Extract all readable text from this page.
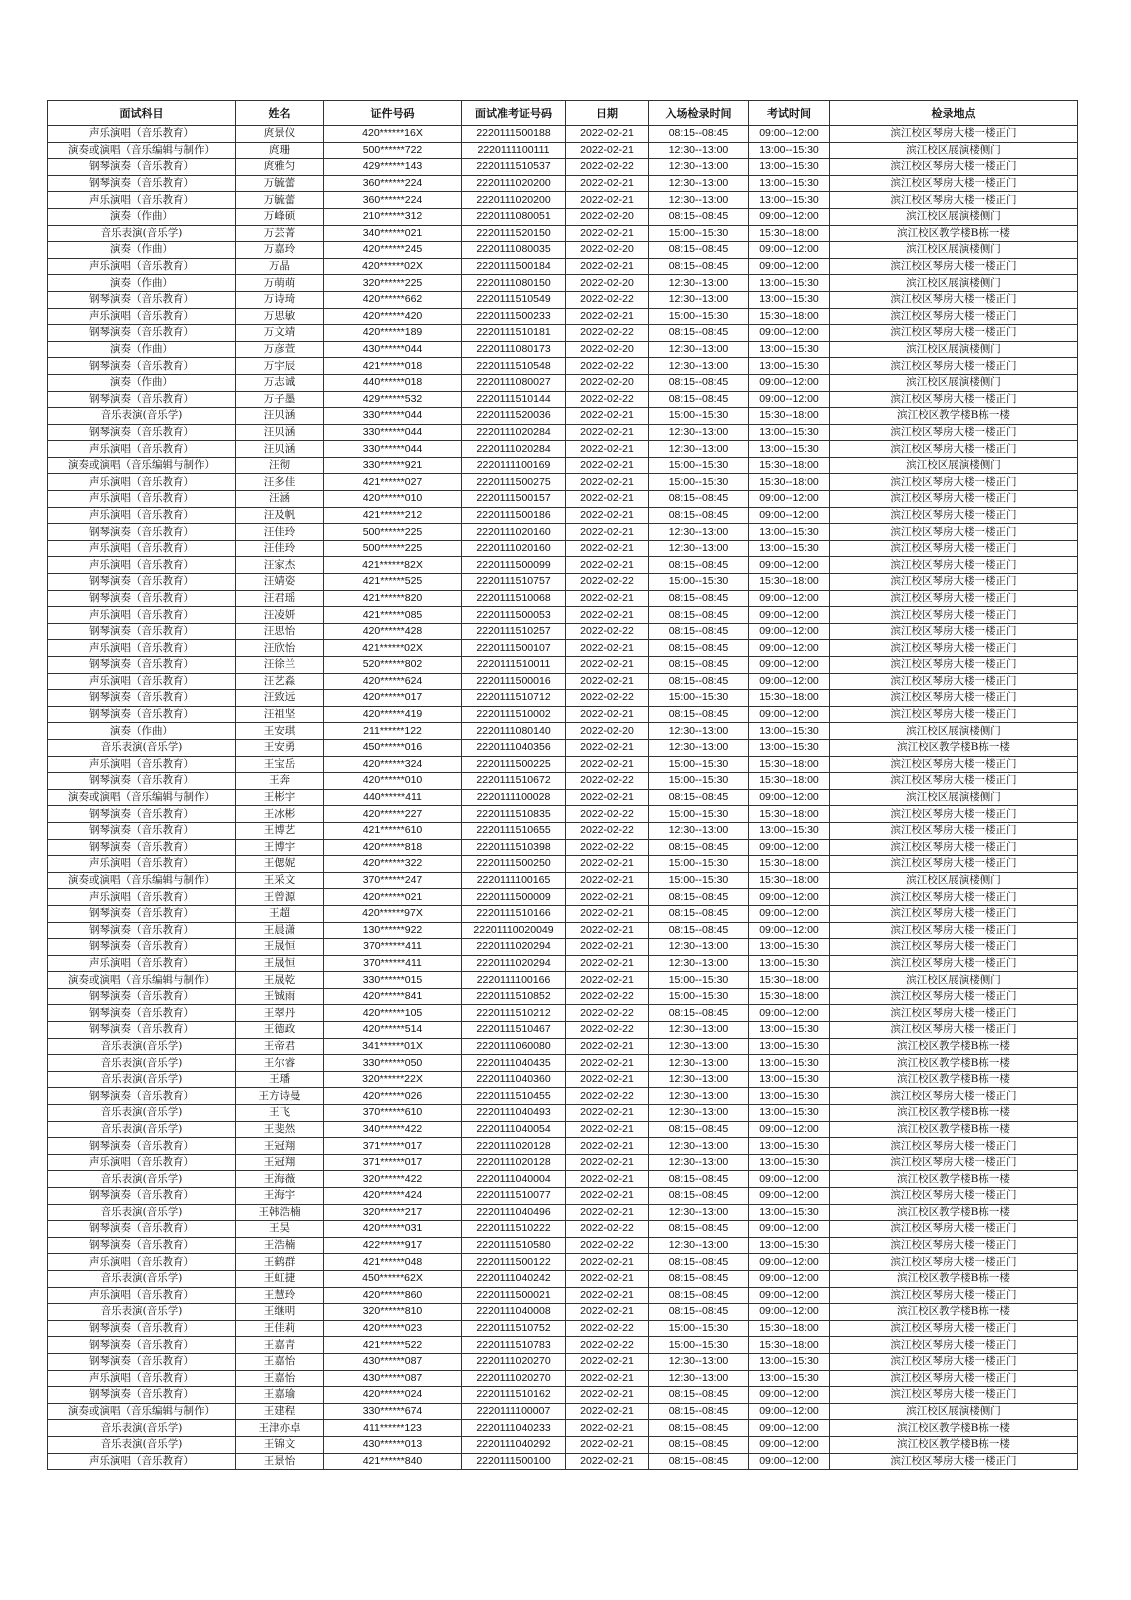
面试科目	姓名	证件号码	面试准考证号码	日期	入场检录时间	考试时间	检录地点
声乐演唱（音乐教育）	庹景仪	420******16X	2220111500188	2022-02-21	08:15--08:45	09:00--12:00	滨江校区琴房大楼一楼正门
演奏或演唱（音乐编辑与制作）	庹珊	500******722	2220111100111	2022-02-21	12:30--13:00	13:00--15:30	滨江校区展演楼侧门
钢琴演奏（音乐教育）	庹雅匀	429******143	2220111510537	2022-02-22	12:30--13:00	13:00--15:30	滨江校区琴房大楼一楼正门
钢琴演奏（音乐教育）	万毓蕾	360******224	2220111020200	2022-02-21	12:30--13:00	13:00--15:30	滨江校区琴房大楼一楼正门
声乐演唱（音乐教育）	万毓蕾	360******224	2220111020200	2022-02-21	12:30--13:00	13:00--15:30	滨江校区琴房大楼一楼正门
演奏（作曲）	万峰硕	210******312	2220111080051	2022-02-20	08:15--08:45	09:00--12:00	滨江校区展演楼侧门
音乐表演(音乐学)	万芸菁	340******021	2220111520150	2022-02-21	15:00--15:30	15:30--18:00	滨江校区教学楼B栋一楼
演奏（作曲）	万嘉玲	420******245	2220111080035	2022-02-20	08:15--08:45	09:00--12:00	滨江校区展演楼侧门
声乐演唱（音乐教育）	万晶	420******02X	2220111500184	2022-02-21	08:15--08:45	09:00--12:00	滨江校区琴房大楼一楼正门
演奏（作曲）	万萌萌	320******225	2220111080150	2022-02-20	12:30--13:00	13:00--15:30	滨江校区展演楼侧门
钢琴演奏（音乐教育）	万诗琦	420******662	2220111510549	2022-02-22	12:30--13:00	13:00--15:30	滨江校区琴房大楼一楼正门
声乐演唱（音乐教育）	万思敏	420******420	2220111500233	2022-02-21	15:00--15:30	15:30--18:00	滨江校区琴房大楼一楼正门
钢琴演奏（音乐教育）	万文靖	420******189	2220111510181	2022-02-22	08:15--08:45	09:00--12:00	滨江校区琴房大楼一楼正门
演奏（作曲）	万彦萱	430******044	2220111080173	2022-02-20	12:30--13:00	13:00--15:30	滨江校区展演楼侧门
钢琴演奏（音乐教育）	万宇辰	421******018	2220111510548	2022-02-22	12:30--13:00	13:00--15:30	滨江校区琴房大楼一楼正门
演奏（作曲）	万志诚	440******018	2220111080027	2022-02-20	08:15--08:45	09:00--12:00	滨江校区展演楼侧门
钢琴演奏（音乐教育）	万子墨	429******532	2220111510144	2022-02-22	08:15--08:45	09:00--12:00	滨江校区琴房大楼一楼正门
音乐表演(音乐学)	汪贝涵	330******044	2220111520036	2022-02-21	15:00--15:30	15:30--18:00	滨江校区教学楼B栋一楼
钢琴演奏（音乐教育）	汪贝涵	330******044	2220111020284	2022-02-21	12:30--13:00	13:00--15:30	滨江校区琴房大楼一楼正门
声乐演唱（音乐教育）	汪贝涵	330******044	2220111020284	2022-02-21	12:30--13:00	13:00--15:30	滨江校区琴房大楼一楼正门
演奏或演唱（音乐编辑与制作）	汪彻	330******921	2220111100169	2022-02-21	15:00--15:30	15:30--18:00	滨江校区展演楼侧门
声乐演唱（音乐教育）	汪多佳	421******027	2220111500275	2022-02-21	15:00--15:30	15:30--18:00	滨江校区琴房大楼一楼正门
声乐演唱（音乐教育）	汪涵	420******010	2220111500157	2022-02-21	08:15--08:45	09:00--12:00	滨江校区琴房大楼一楼正门
声乐演唱（音乐教育）	汪及帆	421******212	2220111500186	2022-02-21	08:15--08:45	09:00--12:00	滨江校区琴房大楼一楼正门
钢琴演奏（音乐教育）	汪佳玲	500******225	2220111020160	2022-02-21	12:30--13:00	13:00--15:30	滨江校区琴房大楼一楼正门
声乐演唱（音乐教育）	汪佳玲	500******225	2220111020160	2022-02-21	12:30--13:00	13:00--15:30	滨江校区琴房大楼一楼正门
声乐演唱（音乐教育）	汪家杰	421******82X	2220111500099	2022-02-21	08:15--08:45	09:00--12:00	滨江校区琴房大楼一楼正门
钢琴演奏（音乐教育）	汪婧姿	421******525	2220111510757	2022-02-22	15:00--15:30	15:30--18:00	滨江校区琴房大楼一楼正门
钢琴演奏（音乐教育）	汪君瑶	421******820	2220111510068	2022-02-21	08:15--08:45	09:00--12:00	滨江校区琴房大楼一楼正门
声乐演唱（音乐教育）	汪凌妍	421******085	2220111500053	2022-02-21	08:15--08:45	09:00--12:00	滨江校区琴房大楼一楼正门
钢琴演奏（音乐教育）	汪思怡	420******428	2220111510257	2022-02-22	08:15--08:45	09:00--12:00	滨江校区琴房大楼一楼正门
声乐演唱（音乐教育）	汪欣怡	421******02X	2220111500107	2022-02-21	08:15--08:45	09:00--12:00	滨江校区琴房大楼一楼正门
钢琴演奏（音乐教育）	汪徐兰	520******802	2220111510011	2022-02-21	08:15--08:45	09:00--12:00	滨江校区琴房大楼一楼正门
声乐演唱（音乐教育）	汪艺淼	420******624	2220111500016	2022-02-21	08:15--08:45	09:00--12:00	滨江校区琴房大楼一楼正门
钢琴演奏（音乐教育）	汪致远	420******017	2220111510712	2022-02-22	15:00--15:30	15:30--18:00	滨江校区琴房大楼一楼正门
钢琴演奏（音乐教育）	汪祖坚	420******419	2220111510002	2022-02-21	08:15--08:45	09:00--12:00	滨江校区琴房大楼一楼正门
演奏（作曲）	王安琪	211******122	2220111080140	2022-02-20	12:30--13:00	13:00--15:30	滨江校区展演楼侧门
音乐表演(音乐学)	王安勇	450******016	2220111040356	2022-02-21	12:30--13:00	13:00--15:30	滨江校区教学楼B栋一楼
声乐演唱（音乐教育）	王宝岳	420******324	2220111500225	2022-02-21	15:00--15:30	15:30--18:00	滨江校区琴房大楼一楼正门
钢琴演奏（音乐教育）	王奔	420******010	2220111510672	2022-02-22	15:00--15:30	15:30--18:00	滨江校区琴房大楼一楼正门
演奏或演唱（音乐编辑与制作）	王彬宇	440******411	2220111100028	2022-02-21	08:15--08:45	09:00--12:00	滨江校区展演楼侧门
钢琴演奏（音乐教育）	王冰彬	420******227	2220111510835	2022-02-22	15:00--15:30	15:30--18:00	滨江校区琴房大楼一楼正门
钢琴演奏（音乐教育）	王博艺	421******610	2220111510655	2022-02-22	12:30--13:00	13:00--15:30	滨江校区琴房大楼一楼正门
钢琴演奏（音乐教育）	王博宇	420******818	2220111510398	2022-02-22	08:15--08:45	09:00--12:00	滨江校区琴房大楼一楼正门
声乐演唱（音乐教育）	王偲妮	420******322	2220111500250	2022-02-21	15:00--15:30	15:30--18:00	滨江校区琴房大楼一楼正门
演奏或演唱（音乐编辑与制作）	王采文	370******247	2220111100165	2022-02-21	15:00--15:30	15:30--18:00	滨江校区展演楼侧门
声乐演唱（音乐教育）	王曾源	420******021	2220111500009	2022-02-21	08:15--08:45	09:00--12:00	滨江校区琴房大楼一楼正门
钢琴演奏（音乐教育）	王超	420******97X	2220111510166	2022-02-21	08:15--08:45	09:00--12:00	滨江校区琴房大楼一楼正门
钢琴演奏（音乐教育）	王晨潇	130******922	22201110020049	2022-02-21	08:15--08:45	09:00--12:00	滨江校区琴房大楼一楼正门
钢琴演奏（音乐教育）	王晟恒	370******411	2220111020294	2022-02-21	12:30--13:00	13:00--15:30	滨江校区琴房大楼一楼正门
声乐演唱（音乐教育）	王晟恒	370******411	2220111020294	2022-02-21	12:30--13:00	13:00--15:30	滨江校区琴房大楼一楼正门
演奏或演唱（音乐编辑与制作）	王晟乾	330******015	2220111100166	2022-02-21	15:00--15:30	15:30--18:00	滨江校区展演楼侧门
钢琴演奏（音乐教育）	王铖雨	420******841	2220111510852	2022-02-22	15:00--15:30	15:30--18:00	滨江校区琴房大楼一楼正门
钢琴演奏（音乐教育）	王翠丹	420******105	2220111510212	2022-02-22	08:15--08:45	09:00--12:00	滨江校区琴房大楼一楼正门
钢琴演奏（音乐教育）	王德政	420******514	2220111510467	2022-02-22	12:30--13:00	13:00--15:30	滨江校区琴房大楼一楼正门
音乐表演(音乐学)	王帝君	341******01X	2220111060080	2022-02-21	12:30--13:00	13:00--15:30	滨江校区教学楼B栋一楼
音乐表演(音乐学)	王尔睿	330******050	2220111040435	2022-02-21	12:30--13:00	13:00--15:30	滨江校区教学楼B栋一楼
音乐表演(音乐学)	王璠	320******22X	2220111040360	2022-02-21	12:30--13:00	13:00--15:30	滨江校区教学楼B栋一楼
钢琴演奏（音乐教育）	王方诗曼	420******026	2220111510455	2022-02-22	12:30--13:00	13:00--15:30	滨江校区琴房大楼一楼正门
音乐表演(音乐学)	王飞	370******610	2220111040493	2022-02-21	12:30--13:00	13:00--15:30	滨江校区教学楼B栋一楼
音乐表演(音乐学)	王斐然	340******422	2220111040054	2022-02-21	08:15--08:45	09:00--12:00	滨江校区教学楼B栋一楼
钢琴演奏（音乐教育）	王冠翔	371******017	2220111020128	2022-02-21	12:30--13:00	13:00--15:30	滨江校区琴房大楼一楼正门
声乐演唱（音乐教育）	王冠翔	371******017	2220111020128	2022-02-21	12:30--13:00	13:00--15:30	滨江校区琴房大楼一楼正门
音乐表演(音乐学)	王海薇	320******422	2220111040004	2022-02-21	08:15--08:45	09:00--12:00	滨江校区教学楼B栋一楼
钢琴演奏（音乐教育）	王海宇	420******424	2220111510077	2022-02-21	08:15--08:45	09:00--12:00	滨江校区琴房大楼一楼正门
音乐表演(音乐学)	王韩浩楠	320******217	2220111040496	2022-02-21	12:30--13:00	13:00--15:30	滨江校区教学楼B栋一楼
钢琴演奏（音乐教育）	王昊	420******031	2220111510222	2022-02-22	08:15--08:45	09:00--12:00	滨江校区琴房大楼一楼正门
钢琴演奏（音乐教育）	王浩楠	422******917	2220111510580	2022-02-22	12:30--13:00	13:00--15:30	滨江校区琴房大楼一楼正门
声乐演唱（音乐教育）	王鹤群	421******048	2220111500122	2022-02-21	08:15--08:45	09:00--12:00	滨江校区琴房大楼一楼正门
音乐表演(音乐学)	王虹捷	450******62X	2220111040242	2022-02-21	08:15--08:45	09:00--12:00	滨江校区教学楼B栋一楼
声乐演唱（音乐教育）	王慧玲	420******860	2220111500021	2022-02-21	08:15--08:45	09:00--12:00	滨江校区琴房大楼一楼正门
音乐表演(音乐学)	王继明	320******810	2220111040008	2022-02-21	08:15--08:45	09:00--12:00	滨江校区教学楼B栋一楼
钢琴演奏（音乐教育）	王佳莉	420******023	2220111510752	2022-02-22	15:00--15:30	15:30--18:00	滨江校区琴房大楼一楼正门
钢琴演奏（音乐教育）	王嘉青	421******522	2220111510783	2022-02-22	15:00--15:30	15:30--18:00	滨江校区琴房大楼一楼正门
钢琴演奏（音乐教育）	王嘉怡	430******087	2220111020270	2022-02-21	12:30--13:00	13:00--15:30	滨江校区琴房大楼一楼正门
声乐演唱（音乐教育）	王嘉怡	430******087	2220111020270	2022-02-21	12:30--13:00	13:00--15:30	滨江校区琴房大楼一楼正门
钢琴演奏（音乐教育）	王嘉瑜	420******024	2220111510162	2022-02-21	08:15--08:45	09:00--12:00	滨江校区琴房大楼一楼正门
演奏或演唱（音乐编辑与制作）	王建程	330******674	2220111100007	2022-02-21	08:15--08:45	09:00--12:00	滨江校区展演楼侧门
音乐表演(音乐学)	王津亦卓	411******123	2220111040233	2022-02-21	08:15--08:45	09:00--12:00	滨江校区教学楼B栋一楼
音乐表演(音乐学)	王锦文	430******013	2220111040292	2022-02-21	08:15--08:45	09:00--12:00	滨江校区教学楼B栋一楼
声乐演唱（音乐教育）	王景怡	421******840	2220111500100	2022-02-21	08:15--08:45	09:00--12:00	滨江校区琴房大楼一楼正门
